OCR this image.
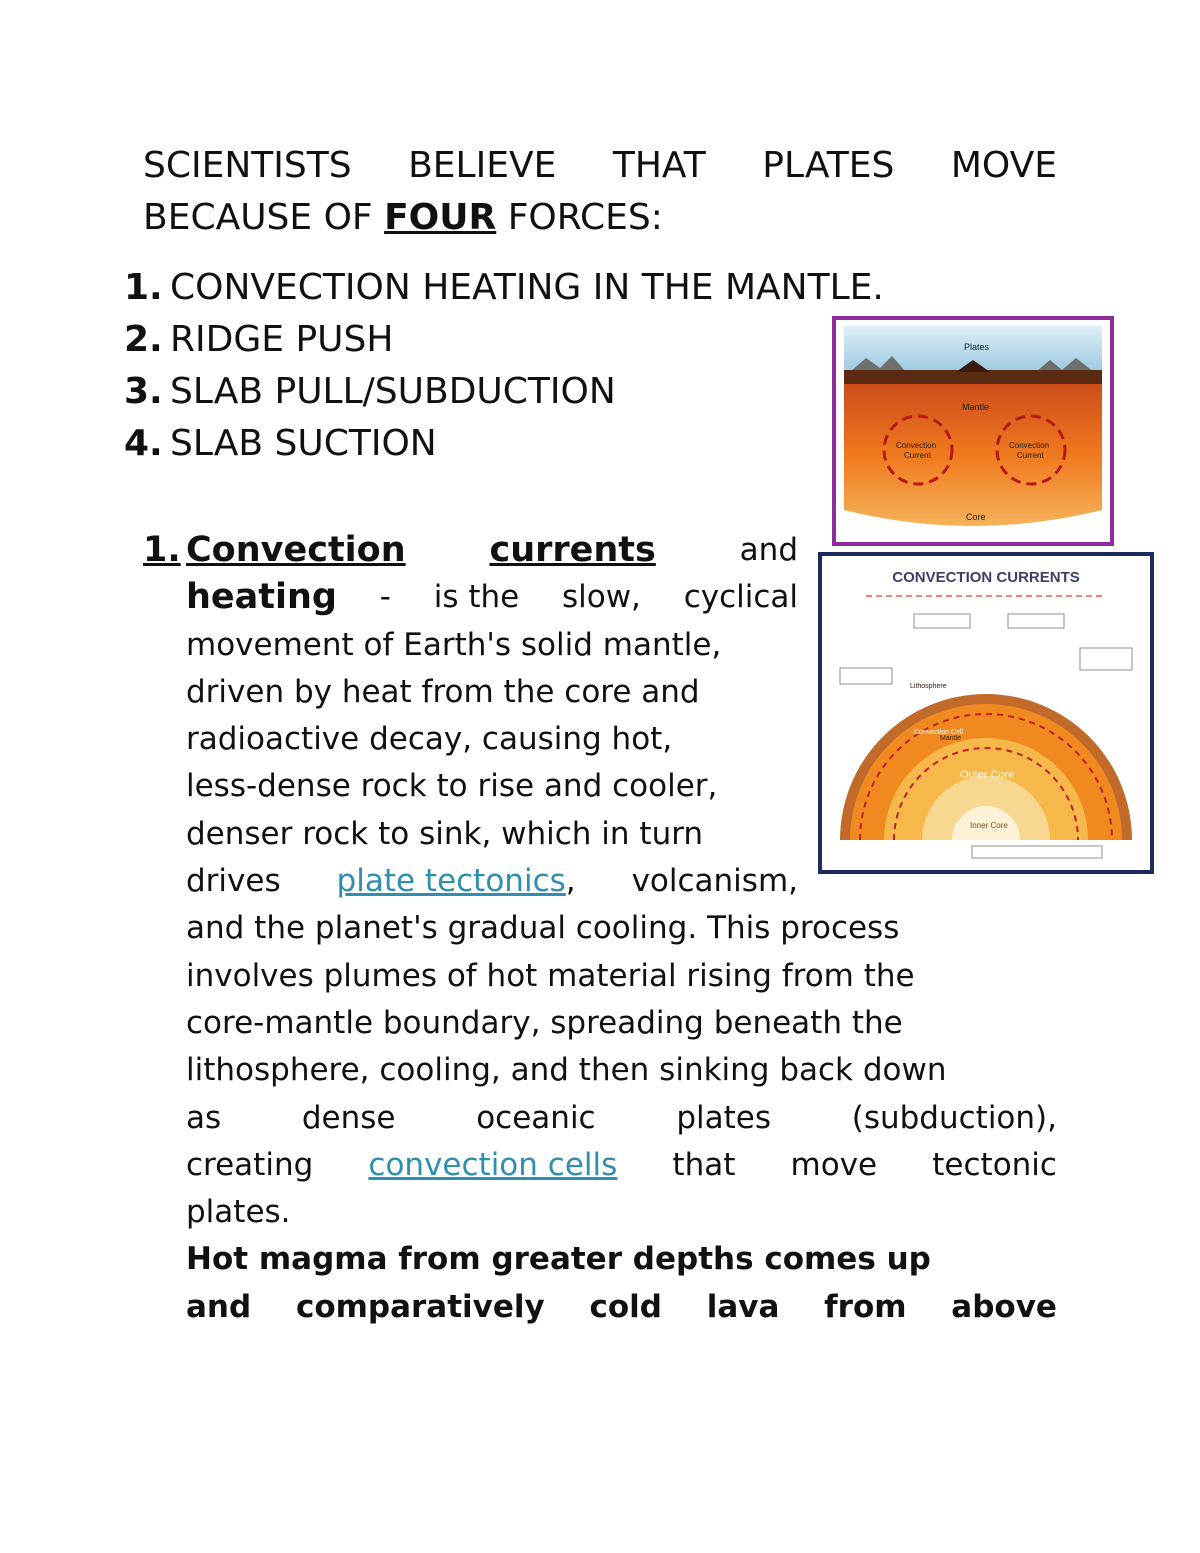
SCIENTISTS BELIEVE THAT PLATES MOVE
BECAUSE OF FOUR FORCES:
1. CONVECTION HEATING IN THE MANTLE.
2. RIDGE PUSH
3. SLAB PULL/SUBDUCTION
4. SLAB SUCTION
1. Convection currents	and
heating - is the slow, cyclical
movement of Earth's solid mantle,
driven by heat from the core and
radioactive decay, causing hot,
less-dense rock to rise and cooler,
denser rock to sink, which in turn
drives plate tectonics, volcanism,
and the planet's gradual cooling. This process
involves plumes of hot material rising from the
core-mantle boundary, spreading beneath the
lithosphere, cooling, and then sinking back down
as	dense	oceanic	plates	(subduction),
creating convection cells that move tectonic
plates.
Hot magma from greater depths comes up
and comparatively cold lava from above
Plates
Mantle
Convection
Current
Convection
Current
Core
CONVECTION CURRENTS
Outer Core
Inner Core
Convection Cell
Lithosphere
Mantle
